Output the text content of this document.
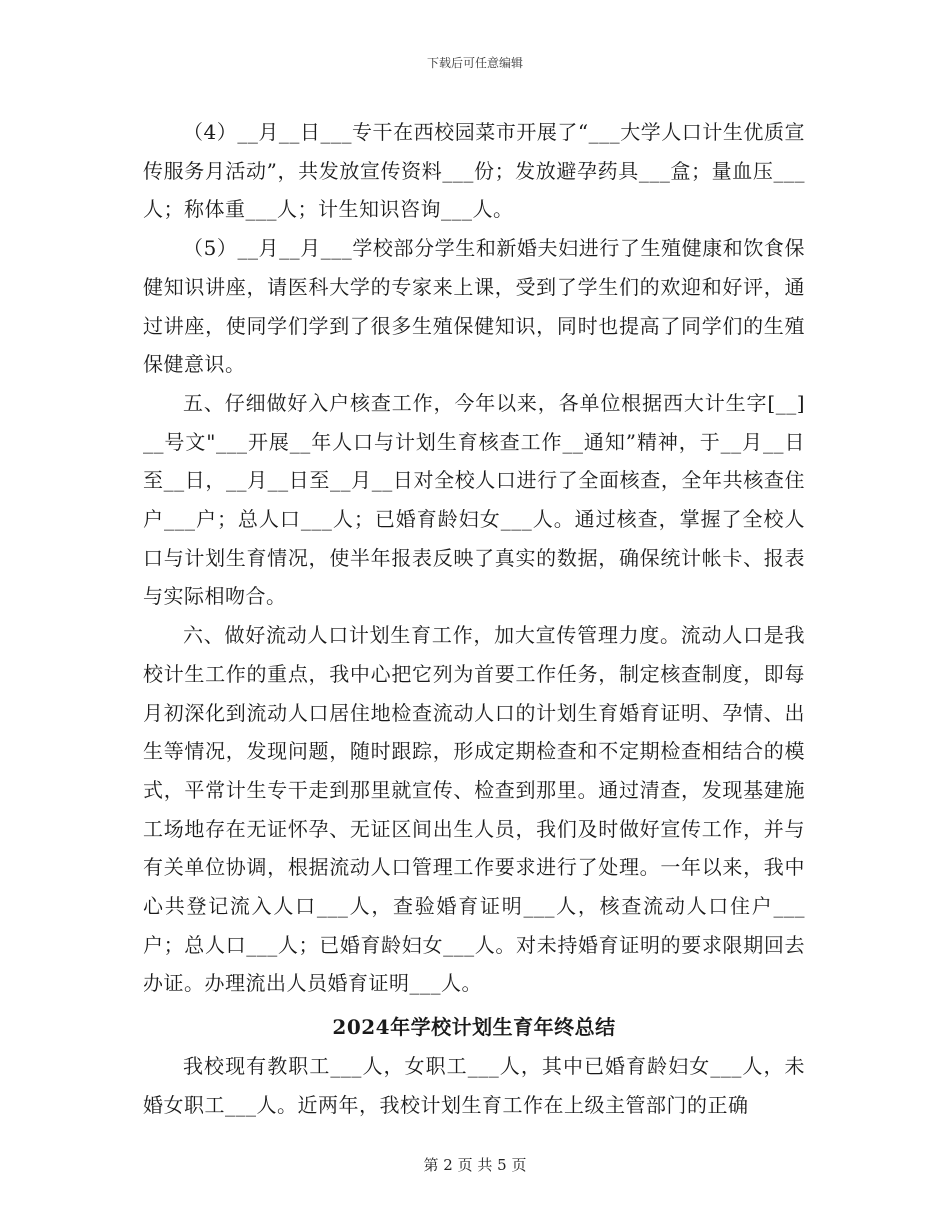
下载后可任意编辑

（4）__月__日___专干在西校园菜市开展了“___大学人口计生优质宣传服务月活动”，共发放宣传资料___份；发放避孕药具___盒；量血压___人；称体重___人；计生知识咨询___人。

（5）__月__月___学校部分学生和新婚夫妇进行了生殖健康和饮食保健知识讲座，请医科大学的专家来上课，受到了学生们的欢迎和好评，通过讲座，使同学们学到了很多生殖保健知识，同时也提高了同学们的生殖保健意识。

五、仔细做好入户核查工作，今年以来，各单位根据西大计生字[__]__号文"___开展__年人口与计划生育核查工作__通知”精神，于__月__日至__日，__月__日至__月__日对全校人口进行了全面核查，全年共核查住户___户；总人口___人；已婚育龄妇女___人。通过核查，掌握了全校人口与计划生育情况，使半年报表反映了真实的数据，确保统计帐卡、报表与实际相吻合。

六、做好流动人口计划生育工作，加大宣传管理力度。流动人口是我校计生工作的重点，我中心把它列为首要工作任务，制定核查制度，即每月初深化到流动人口居住地检查流动人口的计划生育婚育证明、孕情、出生等情况，发现问题，随时跟踪，形成定期检查和不定期检查相结合的模式，平常计生专干走到那里就宣传、检查到那里。通过清查，发现基建施工场地存在无证怀孕、无证区间出生人员，我们及时做好宣传工作，并与有关单位协调，根据流动人口管理工作要求进行了处理。一年以来，我中心共登记流入人口___人，查验婚育证明___人，核查流动人口住户___户；总人口___人；已婚育龄妇女___人。对未持婚育证明的要求限期回去办证。办理流出人员婚育证明___人。

2024年学校计划生育年终总结

我校现有教职工___人，女职工___人，其中已婚育龄妇女___人，未婚女职工___人。近两年，我校计划生育工作在上级主管部门的正确

第 2 页 共 5 页
